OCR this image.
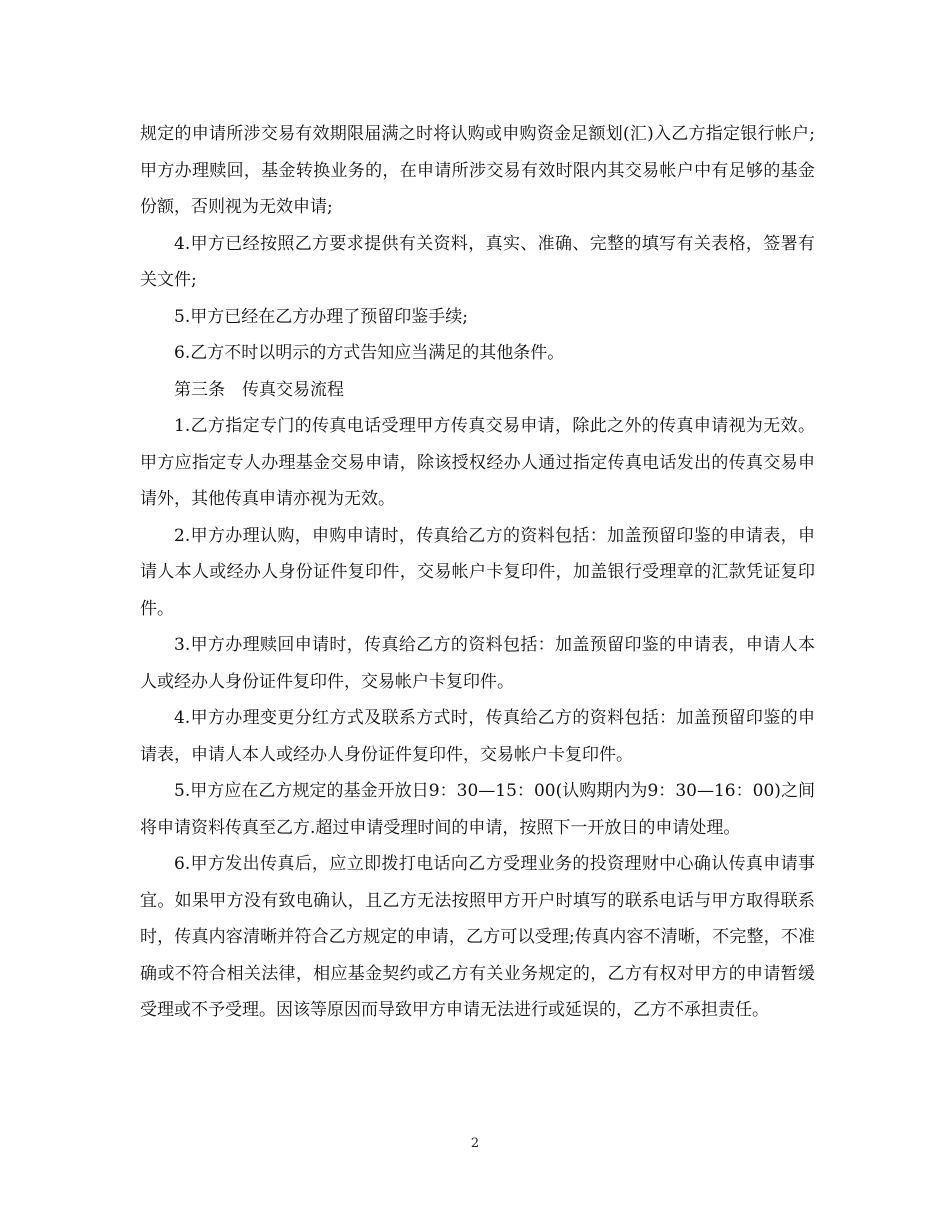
规定的申请所涉交易有效期限届满之时将认购或申购资金足额划(汇)入乙方指定银行帐户;甲方办理赎回，基金转换业务的，在申请所涉交易有效时限内其交易帐户中有足够的基金份额，否则视为无效申请;

4.甲方已经按照乙方要求提供有关资料，真实、准确、完整的填写有关表格，签署有关文件;

5.甲方已经在乙方办理了预留印鉴手续;

6.乙方不时以明示的方式告知应当满足的其他条件。

第三条　传真交易流程

1.乙方指定专门的传真电话受理甲方传真交易申请，除此之外的传真申请视为无效。甲方应指定专人办理基金交易申请，除该授权经办人通过指定传真电话发出的传真交易申请外，其他传真申请亦视为无效。

2.甲方办理认购，申购申请时，传真给乙方的资料包括：加盖预留印鉴的申请表，申请人本人或经办人身份证件复印件，交易帐户卡复印件，加盖银行受理章的汇款凭证复印件。

3.甲方办理赎回申请时，传真给乙方的资料包括：加盖预留印鉴的申请表，申请人本人或经办人身份证件复印件，交易帐户卡复印件。

4.甲方办理变更分红方式及联系方式时，传真给乙方的资料包括：加盖预留印鉴的申请表，申请人本人或经办人身份证件复印件，交易帐户卡复印件。

5.甲方应在乙方规定的基金开放日9：30—15：00(认购期内为9：30—16：00)之间将申请资料传真至乙方.超过申请受理时间的申请，按照下一开放日的申请处理。

6.甲方发出传真后，应立即拨打电话向乙方受理业务的投资理财中心确认传真申请事宜。如果甲方没有致电确认，且乙方无法按照甲方开户时填写的联系电话与甲方取得联系时，传真内容清晰并符合乙方规定的申请，乙方可以受理;传真内容不清晰，不完整，不准确或不符合相关法律，相应基金契约或乙方有关业务规定的，乙方有权对甲方的申请暂缓受理或不予受理。因该等原因而导致甲方申请无法进行或延误的，乙方不承担责任。

2
